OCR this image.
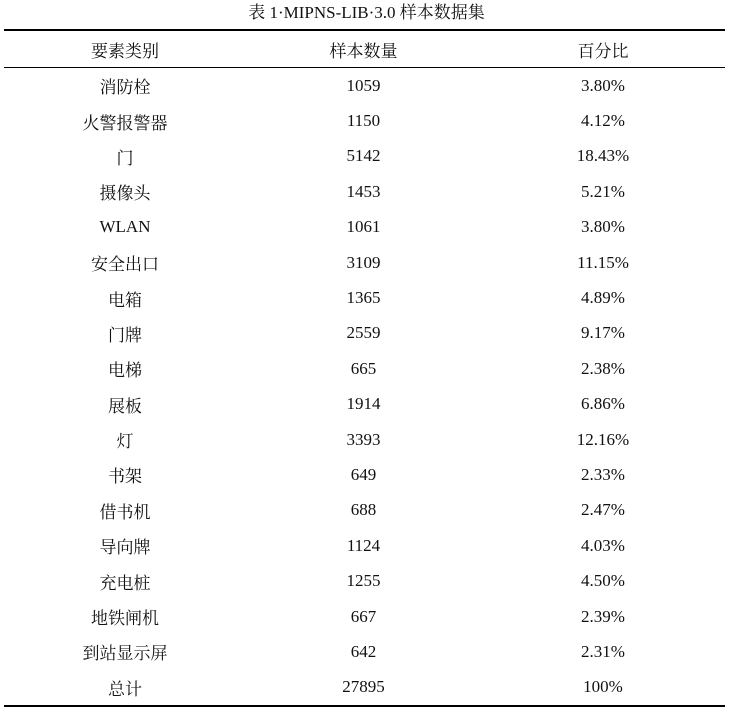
表 1·MIPNS-LIB·3.0 样本数据集
要素类别	样本数量	百分比
消防栓	1059	3.80%
火警报警器	1150	4.12%
门	5142	18.43%
摄像头	1453	5.21%
WLAN	1061	3.80%
安全出口	3109	11.15%
电箱	1365	4.89%
门牌	2559	9.17%
电梯	665	2.38%
展板	1914	6.86%
灯	3393	12.16%
书架	649	2.33%
借书机	688	2.47%
导向牌	1124	4.03%
充电桩	1255	4.50%
地铁闸机	667	2.39%
到站显示屏	642	2.31%
总计	27895	100%
